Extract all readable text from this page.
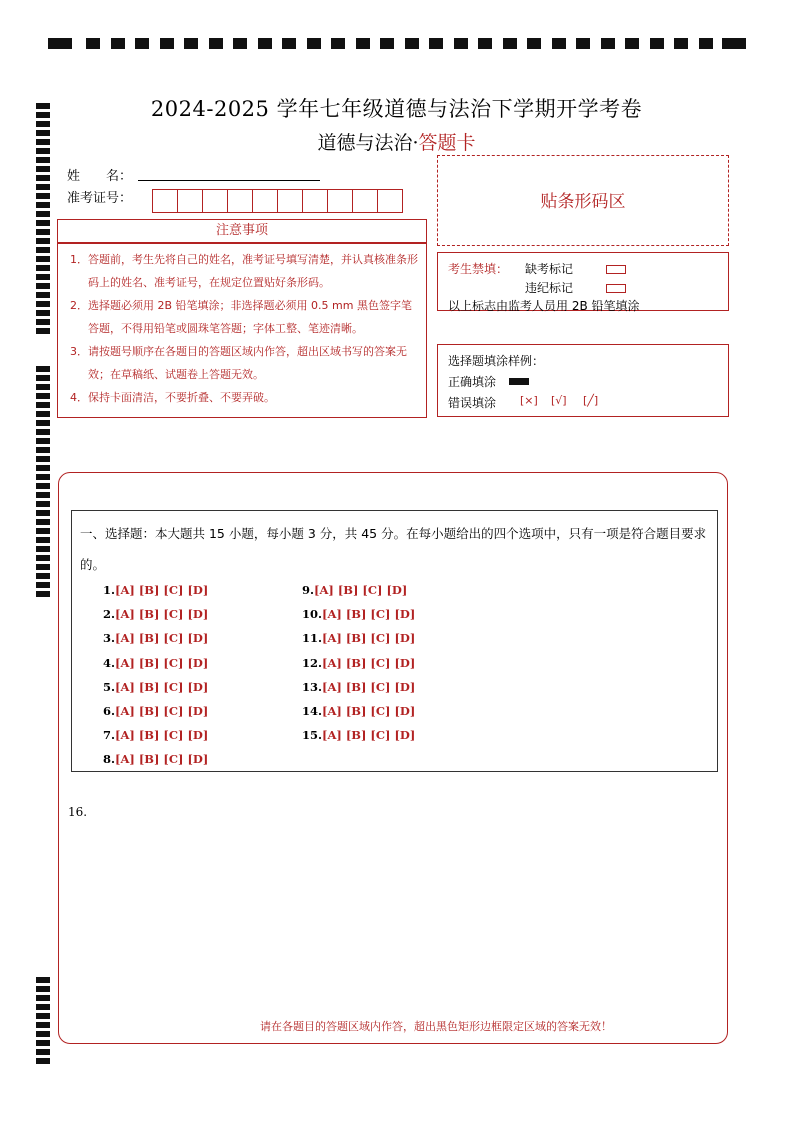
2024-2025 学年七年级道德与法治下学期开学考卷
道德与法治·答题卡
姓　　名：
准考证号：	贴条形码区
注意事项
1．答题前，考生先将自己的姓名，准考证号填写清楚，并认真核准条形码上的姓名、准考证号，在规定位置贴好条形码。
2．选择题必须用 2B 铅笔填涂；非选择题必须用 0.5 mm 黑色签字笔答题，不得用铅笔或圆珠笔答题；字体工整、笔迹清晰。
3．请按题号顺序在各题目的答题区域内作答，超出区域书写的答案无效；在草稿纸、试题卷上答题无效。
4．保持卡面清洁，不要折叠、不要弄破。
考生禁填： 缺考标记
违纪标记
以上标志由监考人员用 2B 铅笔填涂
选择题填涂样例：
正确填涂
错误填涂 [×] [√] [╱]
一、选择题：本大题共 15 小题，每小题 3 分，共 45 分。在每小题给出的四个选项中，只有一项是符合题目要求的。
1.[A] [B] [C] [D]
2.[A] [B] [C] [D]
3.[A] [B] [C] [D]
4.[A] [B] [C] [D]
5.[A] [B] [C] [D]
6.[A] [B] [C] [D]
7.[A] [B] [C] [D]
8.[A] [B] [C] [D]
9.[A] [B] [C] [D]
10.[A] [B] [C] [D]
11.[A] [B] [C] [D]
12.[A] [B] [C] [D]
13.[A] [B] [C] [D]
14.[A] [B] [C] [D]
15.[A] [B] [C] [D]
16.
请在各题目的答题区域内作答，超出黑色矩形边框限定区域的答案无效！
